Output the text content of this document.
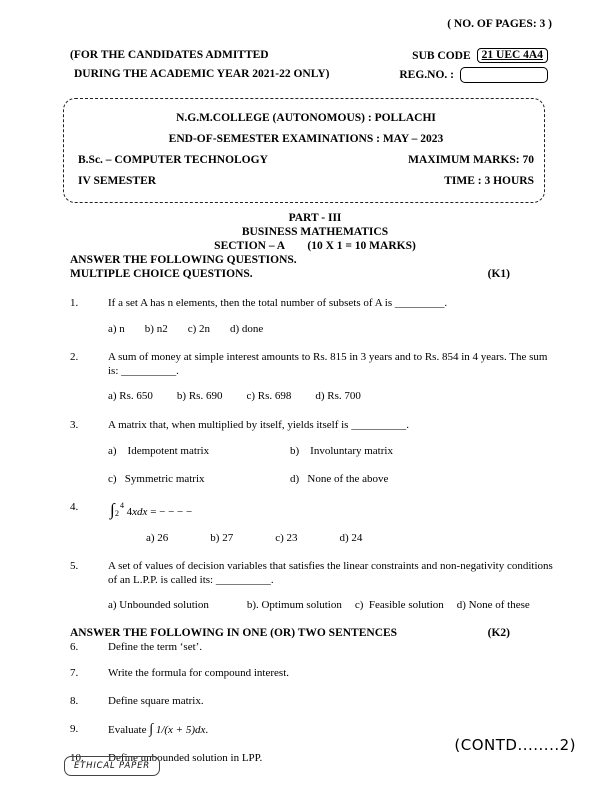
( NO. OF PAGES: 3 )
(FOR THE CANDIDATES ADMITTED
DURING THE ACADEMIC YEAR 2021-22 ONLY)
SUB CODE 21 UEC 4A4
REG.NO. :
N.G.M.COLLEGE (AUTONOMOUS) : POLLACHI
END-OF-SEMESTER EXAMINATIONS : MAY – 2023
B.Sc. – COMPUTER TECHNOLOGY	MAXIMUM MARKS: 70
IV SEMESTER	TIME : 3 HOURS
PART - III
BUSINESS MATHEMATICS
SECTION – A (10 X 1 = 10 MARKS)
ANSWER THE FOLLOWING QUESTIONS.
MULTIPLE CHOICE QUESTIONS.	(K1)
1.	If a set A has n elements, then the total number of subsets of A is _________.
a) n b) n2 c) 2n d) done
2.	A sum of money at simple interest amounts to Rs. 815 in 3 years and to Rs. 854 in 4 years. The sum is: __________.
a) Rs. 650 b) Rs. 690 c) Rs. 698 d) Rs. 700
3.	A matrix that, when multiplied by itself, yields itself is __________.
a)    Idempotent matrix	b)    Involuntary matrix
c)   Symmetric matrix	d)   None of the above
4.	∫ 4
2 4xdx = − − − −
a) 26	b) 27	c) 23	d) 24
5.	A set of values of decision variables that satisfies the linear constraints and non-negativity conditions of an L.P.P. is called its: __________.
a) Unbounded solution	b). Optimum solution c)  Feasible solution d) None of these
ANSWER THE FOLLOWING IN ONE (OR) TWO SENTENCES	(K2)
6.	Define the term ‘set’.
7.	Write the formula for compound interest.
8.	Define square matrix.
9.	Evaluate ∫ 1/(x + 5)dx.
10.	Define unbounded solution in LPP.
(CONTD........2)
ETHICAL PAPER
